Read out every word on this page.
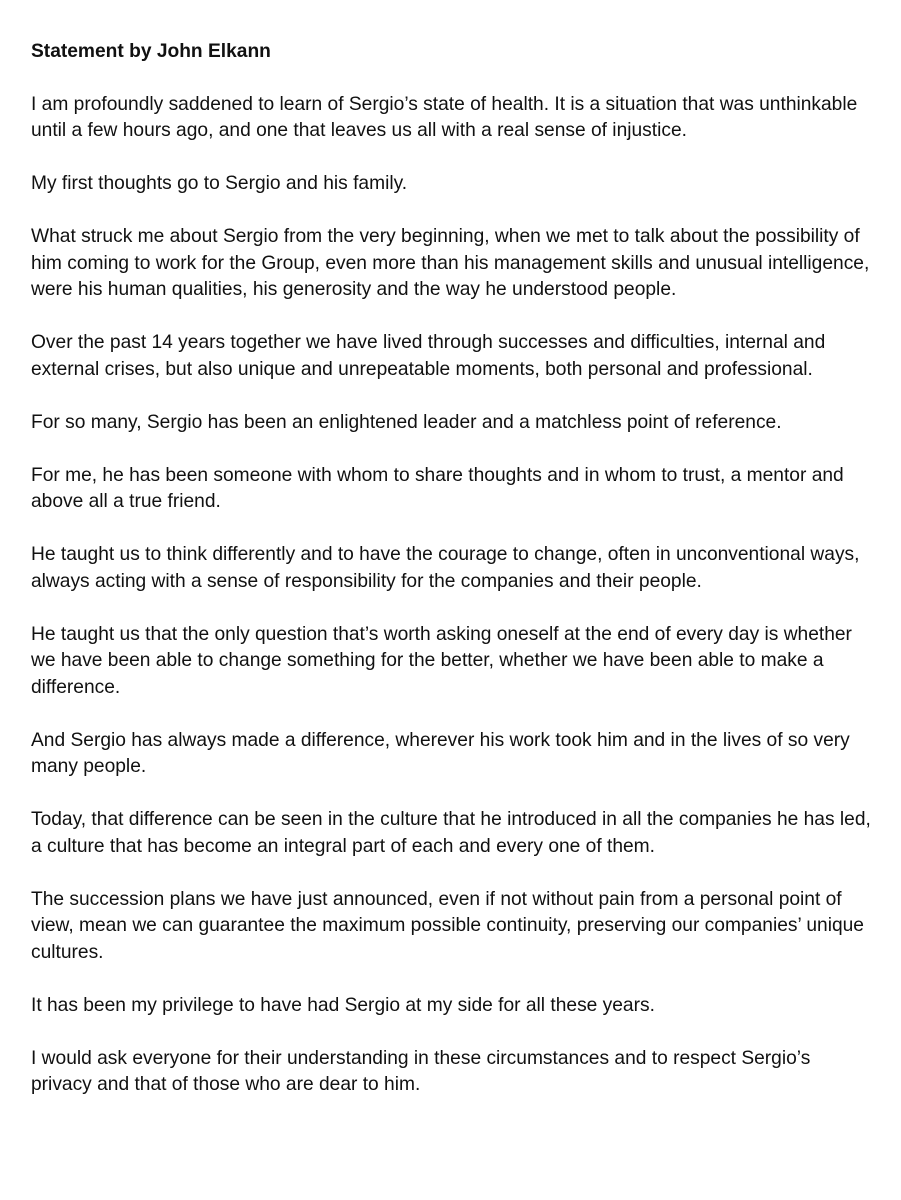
Statement by John Elkann
I am profoundly saddened to learn of Sergio’s state of health. It is a situation that was unthinkable until a few hours ago, and one that leaves us all with a real sense of injustice.
My first thoughts go to Sergio and his family.
What struck me about Sergio from the very beginning, when we met to talk about the possibility of him coming to work for the Group, even more than his management skills and unusual intelligence, were his human qualities, his generosity and the way he understood people.
Over the past 14 years together we have lived through successes and difficulties, internal and external crises, but also unique and unrepeatable moments, both personal and professional.
For so many, Sergio has been an enlightened leader and a matchless point of reference.
For me, he has been someone with whom to share thoughts and in whom to trust, a mentor and above all a true friend.
He taught us to think differently and to have the courage to change, often in unconventional ways, always acting with a sense of responsibility for the companies and their people.
He taught us that the only question that’s worth asking oneself at the end of every day is whether we have been able to change something for the better, whether we have been able to make a difference.
And Sergio has always made a difference, wherever his work took him and in the lives of so very many people.
Today, that difference can be seen in the culture that he introduced in all the companies he has led, a culture that has become an integral part of each and every one of them.
The succession plans we have just announced, even if not without pain from a personal point of view, mean we can guarantee the maximum possible continuity, preserving our companies’ unique cultures.
It has been my privilege to have had Sergio at my side for all these years.
I would ask everyone for their understanding in these circumstances and to respect Sergio’s privacy and that of those who are dear to him.
